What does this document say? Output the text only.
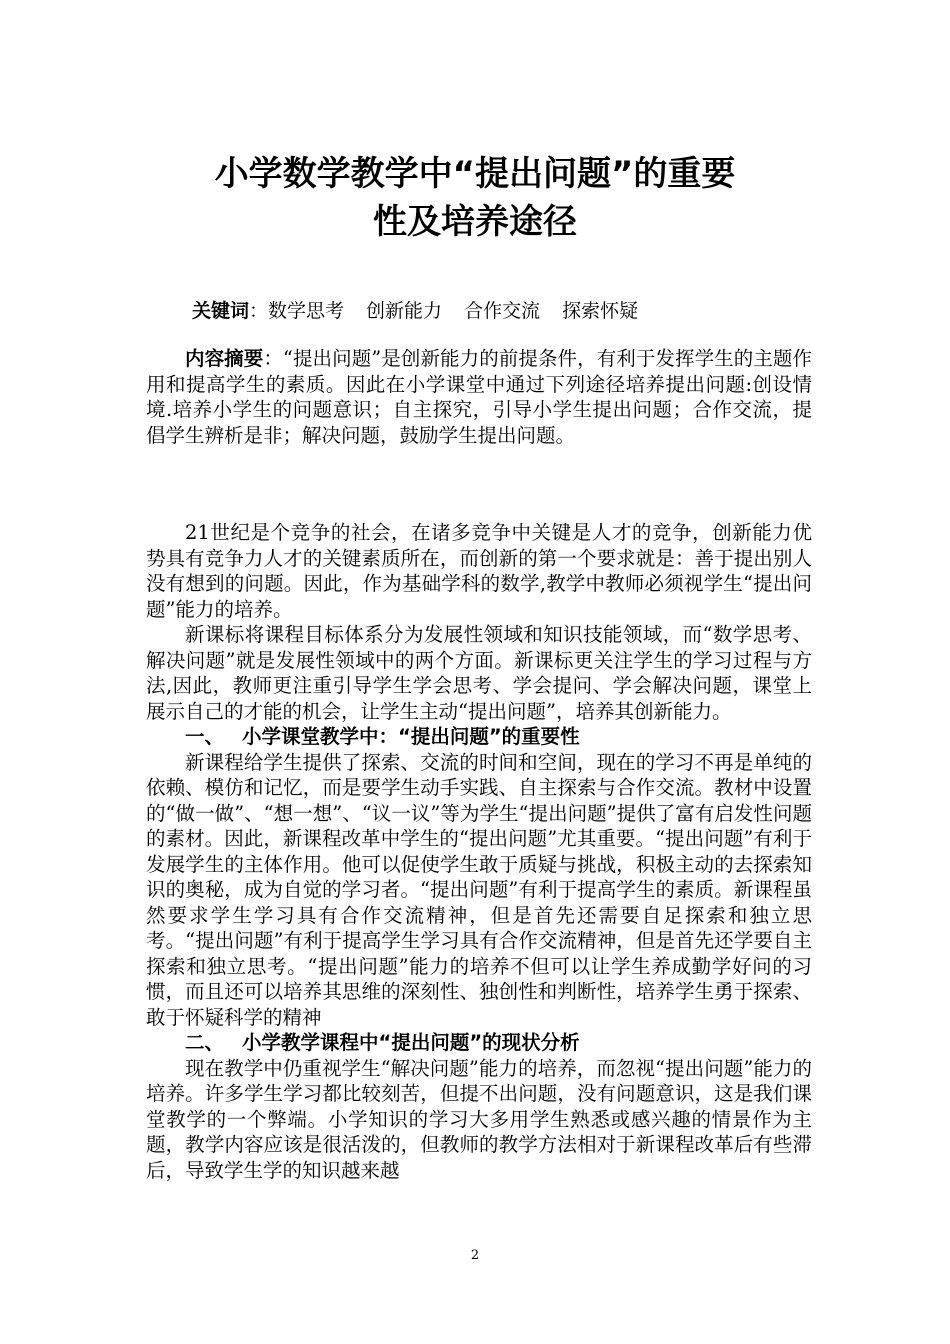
小学数学教学中“提出问题”的重要
性及培养途径

关键词：数学思考 创新能力 合作交流 探索怀疑

内容摘要：“提出问题”是创新能力的前提条件，有利于发挥学生的主题作用和提高学生的素质。因此在小学课堂中通过下列途径培养提出问题:创设情境.培养小学生的问题意识；自主探究，引导小学生提出问题；合作交流，提倡学生辨析是非；解决问题，鼓励学生提出问题。

21世纪是个竞争的社会，在诸多竞争中关键是人才的竞争，创新能力优势具有竞争力人才的关键素质所在，而创新的第一个要求就是：善于提出别人没有想到的问题。因此，作为基础学科的数学,教学中教师必须视学生“提出问题”能力的培养。

新课标将课程目标体系分为发展性领域和知识技能领域，而“数学思考、解决问题”就是发展性领域中的两个方面。新课标更关注学生的学习过程与方法,因此，教师更注重引导学生学会思考、学会提问、学会解决问题，课堂上展示自己的才能的机会，让学生主动“提出问题”，培养其创新能力。

一、 小学课堂教学中：“提出问题”的重要性

新课程给学生提供了探索、交流的时间和空间，现在的学习不再是单纯的依赖、模仿和记忆，而是要学生动手实践、自主探索与合作交流。教材中设置的“做一做”、“想一想”、“议一议”等为学生“提出问题”提供了富有启发性问题的素材。因此，新课程改革中学生的“提出问题”尤其重要。“提出问题”有利于发展学生的主体作用。他可以促使学生敢于质疑与挑战，积极主动的去探索知识的奥秘，成为自觉的学习者。“提出问题”有利于提高学生的素质。新课程虽然要求学生学习具有合作交流精神，但是首先还需要自足探索和独立思考。“提出问题”有利于提高学生学习具有合作交流精神，但是首先还学要自主探索和独立思考。“提出问题”能力的培养不但可以让学生养成勤学好问的习惯，而且还可以培养其思维的深刻性、独创性和判断性，培养学生勇于探索、敢于怀疑科学的精神

二、 小学教学课程中“提出问题”的现状分析

现在教学中仍重视学生“解决问题”能力的培养，而忽视“提出问题”能力的培养。许多学生学习都比较刻苦，但提不出问题，没有问题意识，这是我们课堂教学的一个弊端。小学知识的学习大多用学生熟悉或感兴趣的情景作为主题，教学内容应该是很活泼的，但教师的教学方法相对于新课程改革后有些滞后，导致学生学的知识越来越

2
